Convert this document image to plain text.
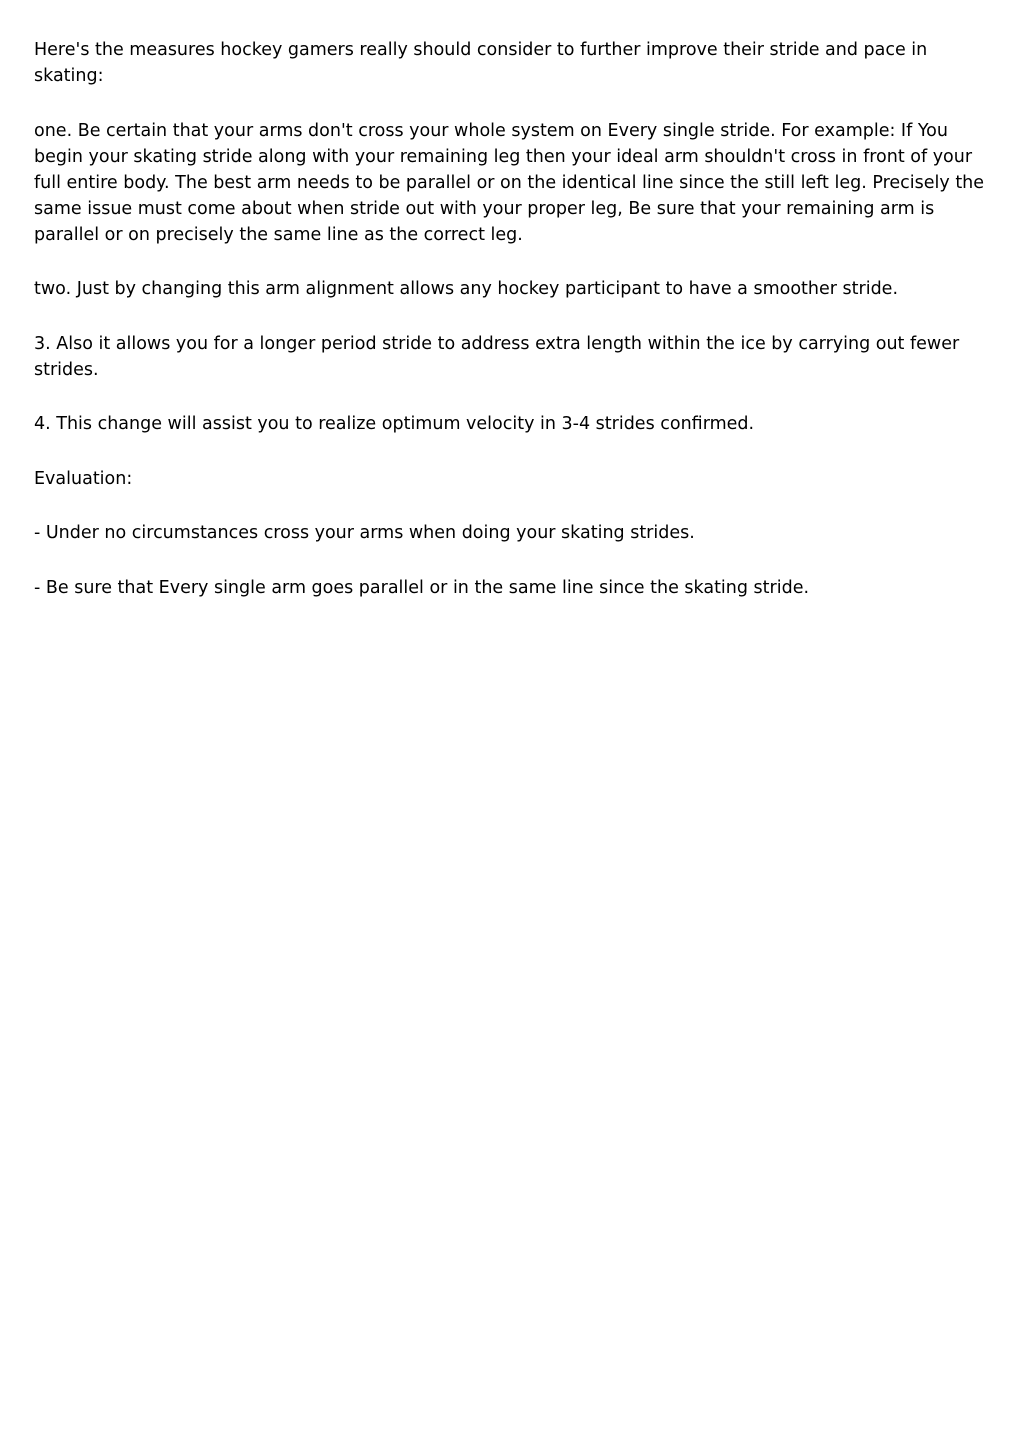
Here's the measures hockey gamers really should consider to further improve their stride and pace in skating:

one. Be certain that your arms don't cross your whole system on Every single stride. For example: If You begin your skating stride along with your remaining leg then your ideal arm shouldn't cross in front of your full entire body. The best arm needs to be parallel or on the identical line since the still left leg. Precisely the same issue must come about when stride out with your proper leg, Be sure that your remaining arm is parallel or on precisely the same line as the correct leg.

two. Just by changing this arm alignment allows any hockey participant to have a smoother stride.

3. Also it allows you for a longer period stride to address extra length within the ice by carrying out fewer strides.

4. This change will assist you to realize optimum velocity in 3-4 strides confirmed.

Evaluation:

- Under no circumstances cross your arms when doing your skating strides.

- Be sure that Every single arm goes parallel or in the same line since the skating stride.
